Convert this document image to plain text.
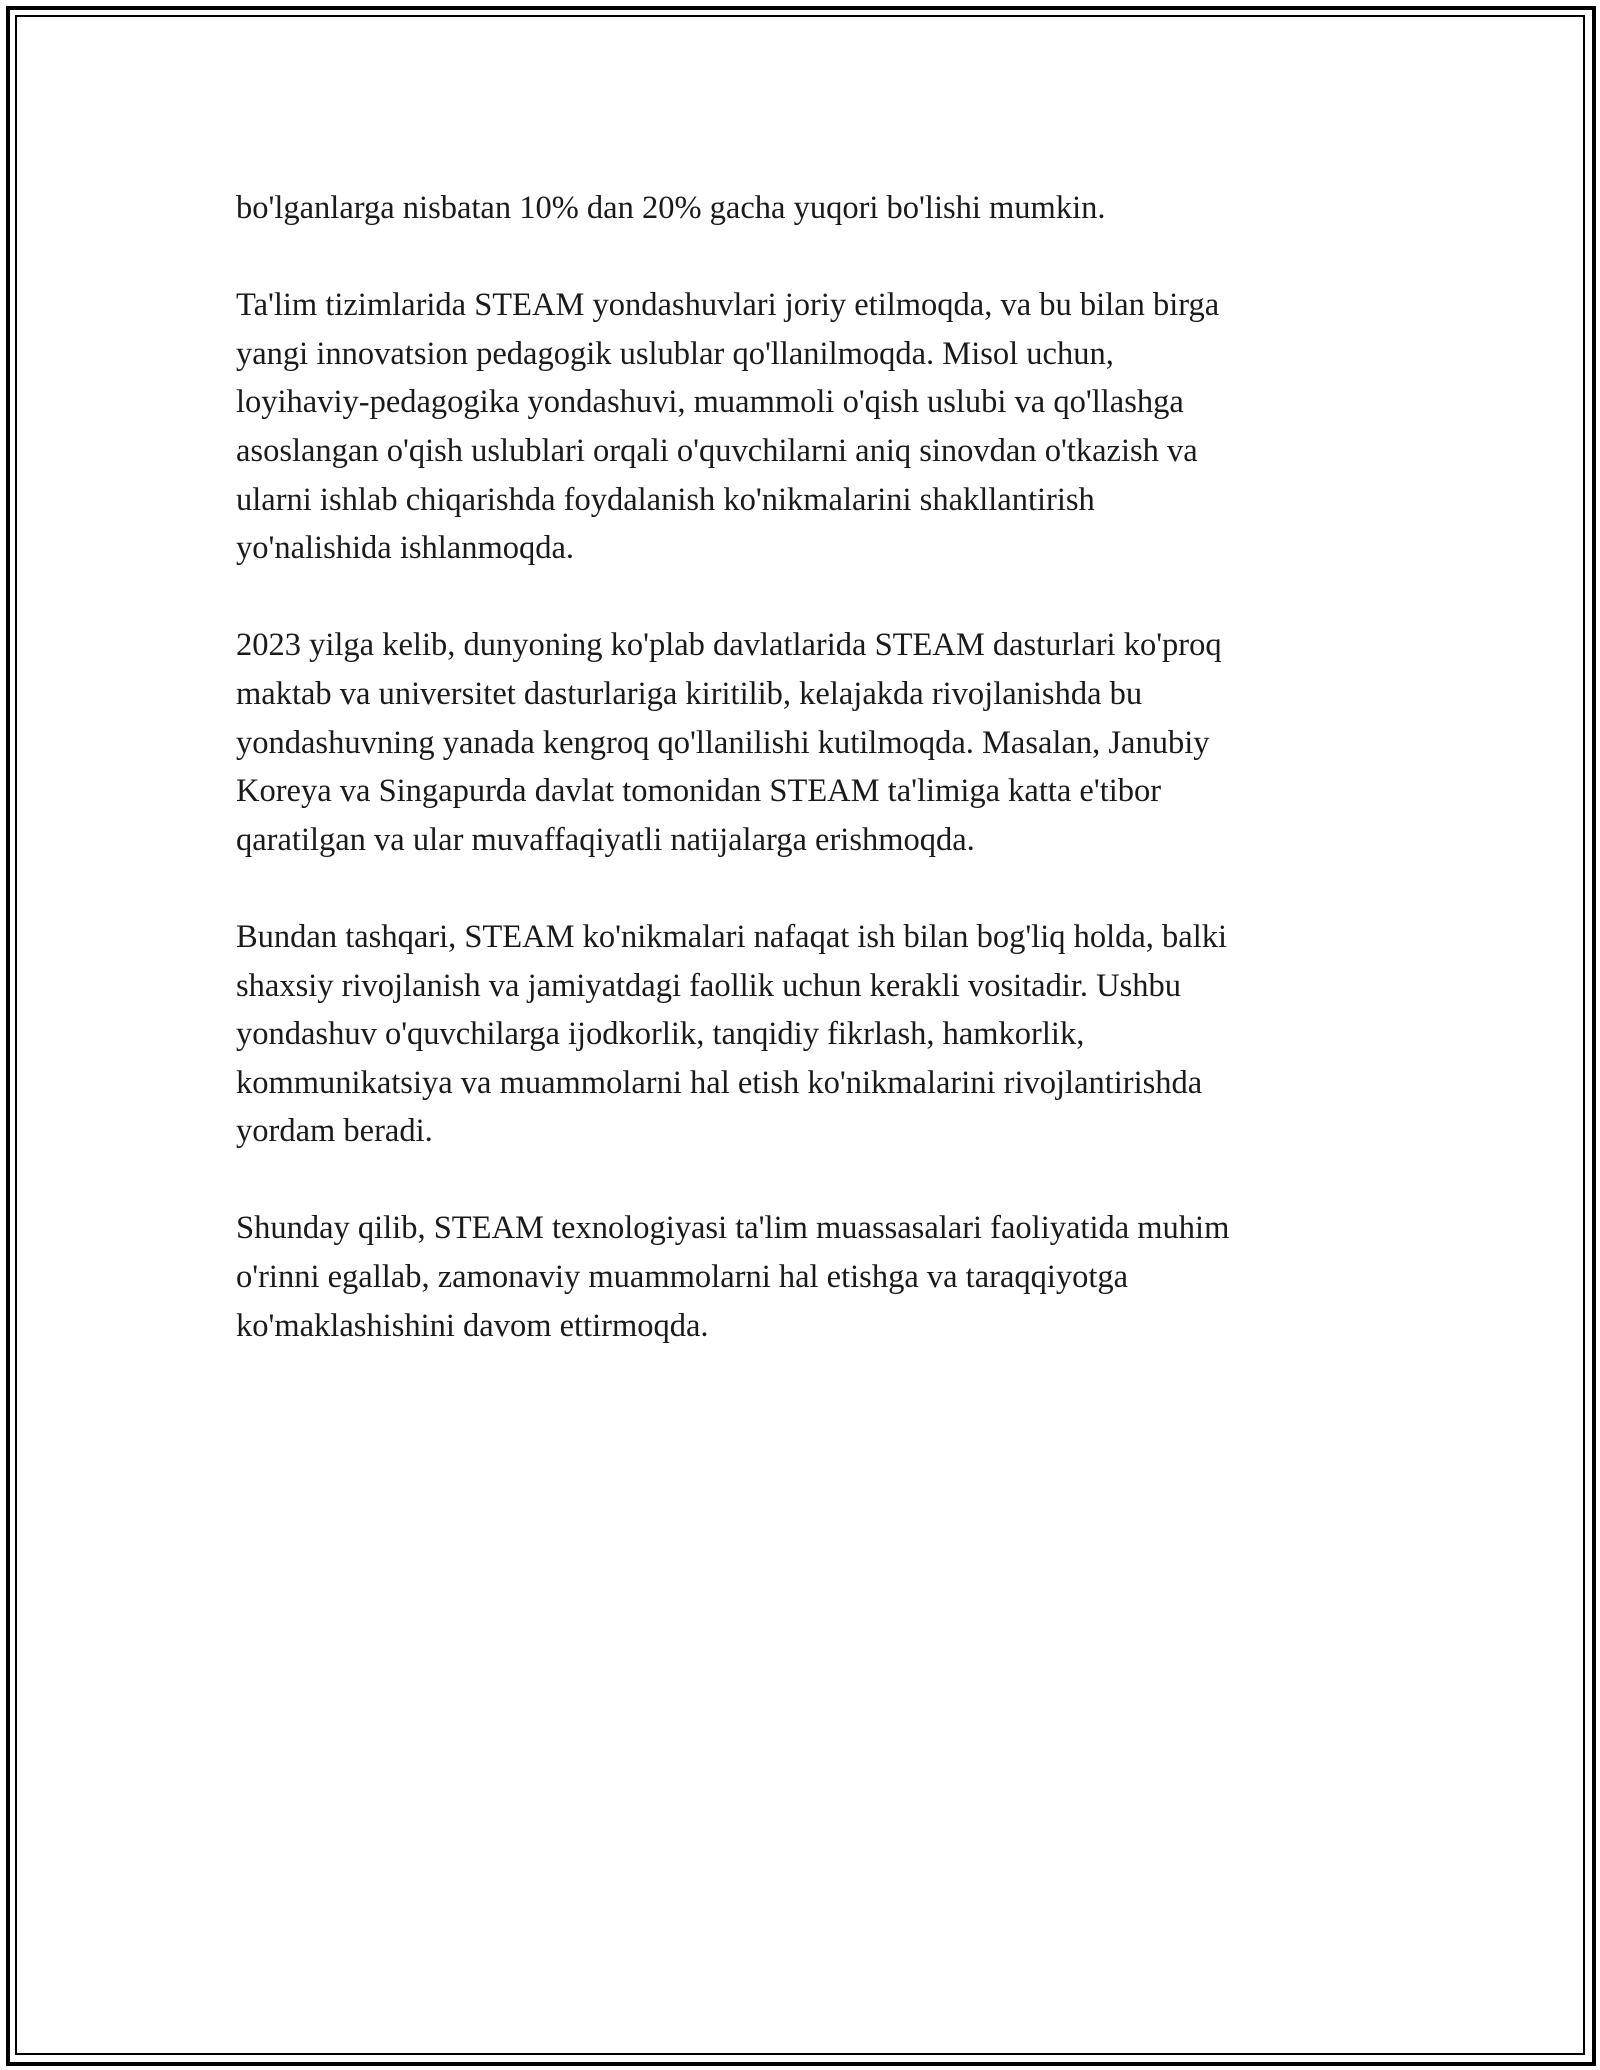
bo'lganlarga nisbatan 10% dan 20% gacha yuqori bo'lishi mumkin.

Ta'lim tizimlarida STEAM yondashuvlari joriy etilmoqda, va bu bilan birga
yangi innovatsion pedagogik uslublar qo'llanilmoqda. Misol uchun,
loyihaviy-pedagogika yondashuvi, muammoli o'qish uslubi va qo'llashga
asoslangan o'qish uslublari orqali o'quvchilarni aniq sinovdan o'tkazish va
ularni ishlab chiqarishda foydalanish ko'nikmalarini shakllantirish
yo'nalishida ishlanmoqda.

2023 yilga kelib, dunyoning ko'plab davlatlarida STEAM dasturlari ko'proq
maktab va universitet dasturlariga kiritilib, kelajakda rivojlanishda bu
yondashuvning yanada kengroq qo'llanilishi kutilmoqda. Masalan, Janubiy
Koreya va Singapurda davlat tomonidan STEAM ta'limiga katta e'tibor
qaratilgan va ular muvaffaqiyatli natijalarga erishmoqda.

Bundan tashqari, STEAM ko'nikmalari nafaqat ish bilan bog'liq holda, balki
shaxsiy rivojlanish va jamiyatdagi faollik uchun kerakli vositadir. Ushbu
yondashuv o'quvchilarga ijodkorlik, tanqidiy fikrlash, hamkorlik,
kommunikatsiya va muammolarni hal etish ko'nikmalarini rivojlantirishda
yordam beradi.

Shunday qilib, STEAM texnologiyasi ta'lim muassasalari faoliyatida muhim
o'rinni egallab, zamonaviy muammolarni hal etishga va taraqqiyotga
ko'maklashishini davom ettirmoqda.
